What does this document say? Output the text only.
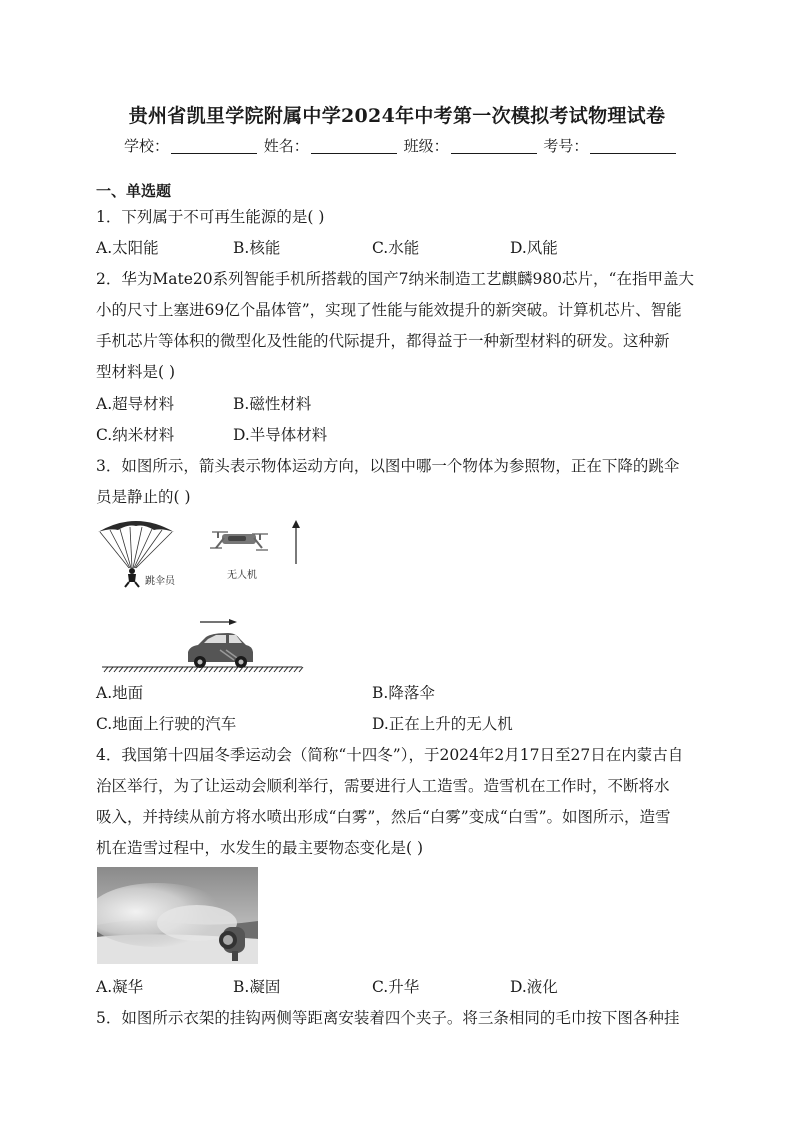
贵州省凯里学院附属中学2024年中考第一次模拟考试物理试卷
学校：	姓名：	班级：	考号：
一、单选题
1．下列属于不可再生能源的是( )
A.太阳能	B.核能	C.水能	D.风能
2．华为Mate20系列智能手机所搭载的国产7纳米制造工艺麒麟980芯片，“在指甲盖大
小的尺寸上塞进69亿个晶体管”，实现了性能与能效提升的新突破。计算机芯片、智能
手机芯片等体积的微型化及性能的代际提升，都得益于一种新型材料的研发。这种新
型材料是( )
A.超导材料	B.磁性材料
C.纳米材料	D.半导体材料
3．如图所示，箭头表示物体运动方向，以图中哪一个物体为参照物，正在下降的跳伞
员是静止的( )
跳伞员
无人机
A.地面	B.降落伞
C.地面上行驶的汽车	D.正在上升的无人机
4．我国第十四届冬季运动会（简称“十四冬”），于2024年2月17日至27日在内蒙古自
治区举行，为了让运动会顺利举行，需要进行人工造雪。造雪机在工作时，不断将水
吸入，并持续从前方将水喷出形成“白雾”，然后“白雾”变成“白雪”。如图所示，造雪
机在造雪过程中，水发生的最主要物态变化是( )
A.凝华	B.凝固	C.升华	D.液化
5．如图所示衣架的挂钩两侧等距离安装着四个夹子。将三条相同的毛巾按下图各种挂
